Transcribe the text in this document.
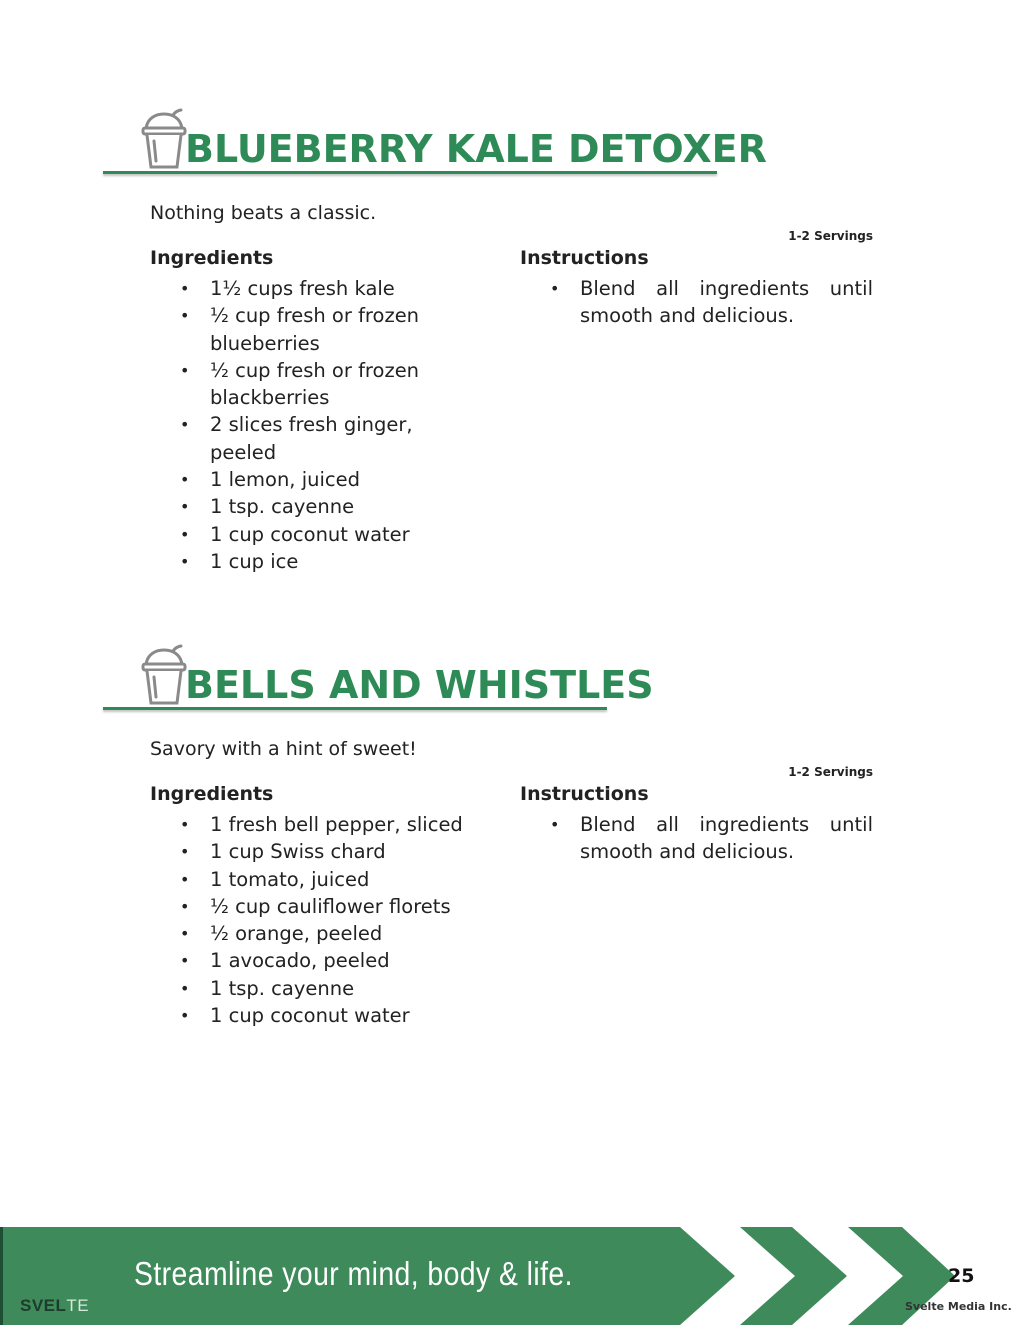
BLUEBERRY KALE DETOXER
Nothing beats a classic.
1-2 Servings
Ingredients	Instructions
• 1½ cups fresh kale
• ½ cup fresh or frozen blueberries
• ½ cup fresh or frozen blackberries
• 2 slices fresh ginger, peeled
• 1 lemon, juiced
• 1 tsp. cayenne
• 1 cup coconut water
• 1 cup ice
• Blend all ingredients until smooth and delicious.
BELLS AND WHISTLES
Savory with a hint of sweet!
1-2 Servings
Ingredients	Instructions
• 1 fresh bell pepper, sliced
• 1 cup Swiss chard
• 1 tomato, juiced
• ½ cup cauliflower florets
• ½ orange, peeled
• 1 avocado, peeled
• 1 tsp. cayenne
• 1 cup coconut water
• Blend all ingredients until smooth and delicious.
Streamline your mind, body & life.
SVELTE
25
Svelte Media Inc.
